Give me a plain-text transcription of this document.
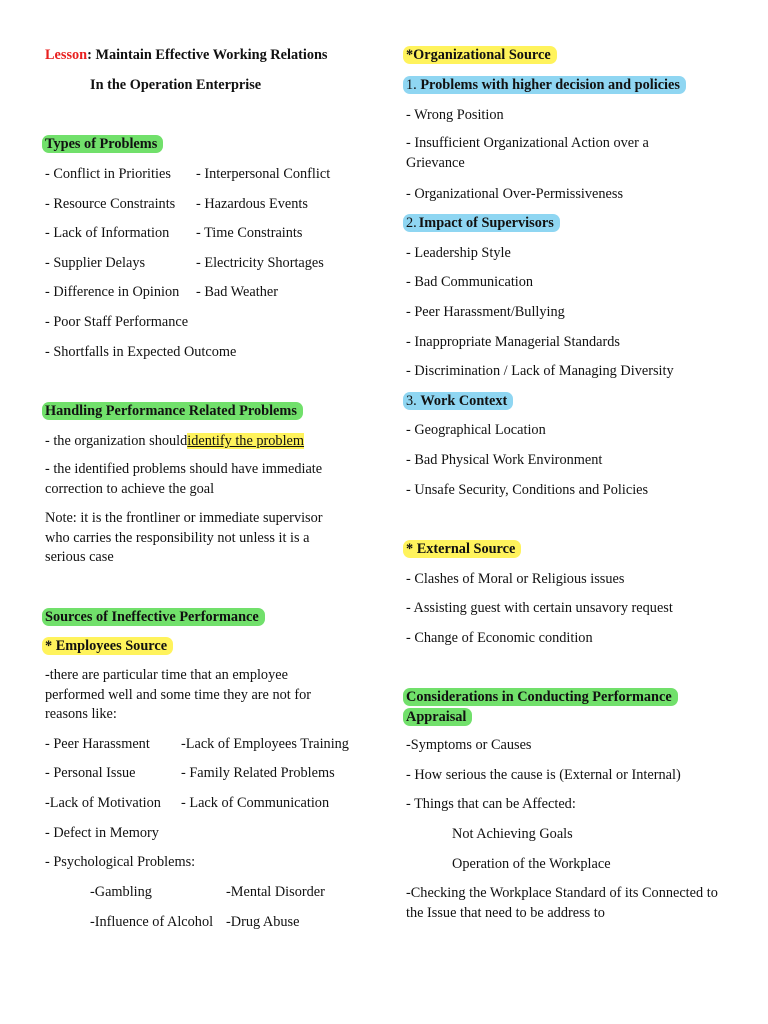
Lesson: Maintain Effective Working Relations
In the Operation Enterprise
Types of Problems
- Conflict in Priorities - Interpersonal Conflict
- Resource Constraints - Hazardous Events
- Lack of Information - Time Constraints
- Supplier Delays	- Electricity Shortages
- Difference in Opinion - Bad Weather
- Poor Staff Performance
- Shortfalls in Expected Outcome
Handling Performance Related Problems
- the organization shouldidentify the problem
- the identified problems should have immediate correction to achieve the goal
Note: it is the frontliner or immediate supervisor who carries the responsibility not unless it is a serious case
Sources of Ineffective Performance
* Employees Source
-there are particular time that an employee performed well and some time they are not for reasons like:
- Peer Harassment -Lack of Employees Training
- Personal Issue	- Family Related Problems
-Lack of Motivation - Lack of Communication
- Defect in Memory
- Psychological Problems:
-Gambling	-Mental Disorder
-Influence of Alcohol -Drug Abuse
*Organizational Source
1. Problems with higher decision and policies
- Wrong Position
- Insufficient Organizational Action over a Grievance
- Organizational Over-Permissiveness
2. Impact of Supervisors
- Leadership Style
- Bad Communication
- Peer Harassment/Bullying
- Inappropriate Managerial Standards
- Discrimination / Lack of Managing Diversity
3. Work Context
- Geographical Location
- Bad Physical Work Environment
- Unsafe Security, Conditions and Policies
* External Source
- Clashes of Moral or Religious issues
- Assisting guest with certain unsavory request
- Change of Economic condition
Considerations in Conducting Performance
Appraisal
-Symptoms or Causes
- How serious the cause is (External or Internal)
- Things that can be Affected:
Not Achieving Goals
Operation of the Workplace
-Checking the Workplace Standard of its Connected to the Issue that need to be address to
